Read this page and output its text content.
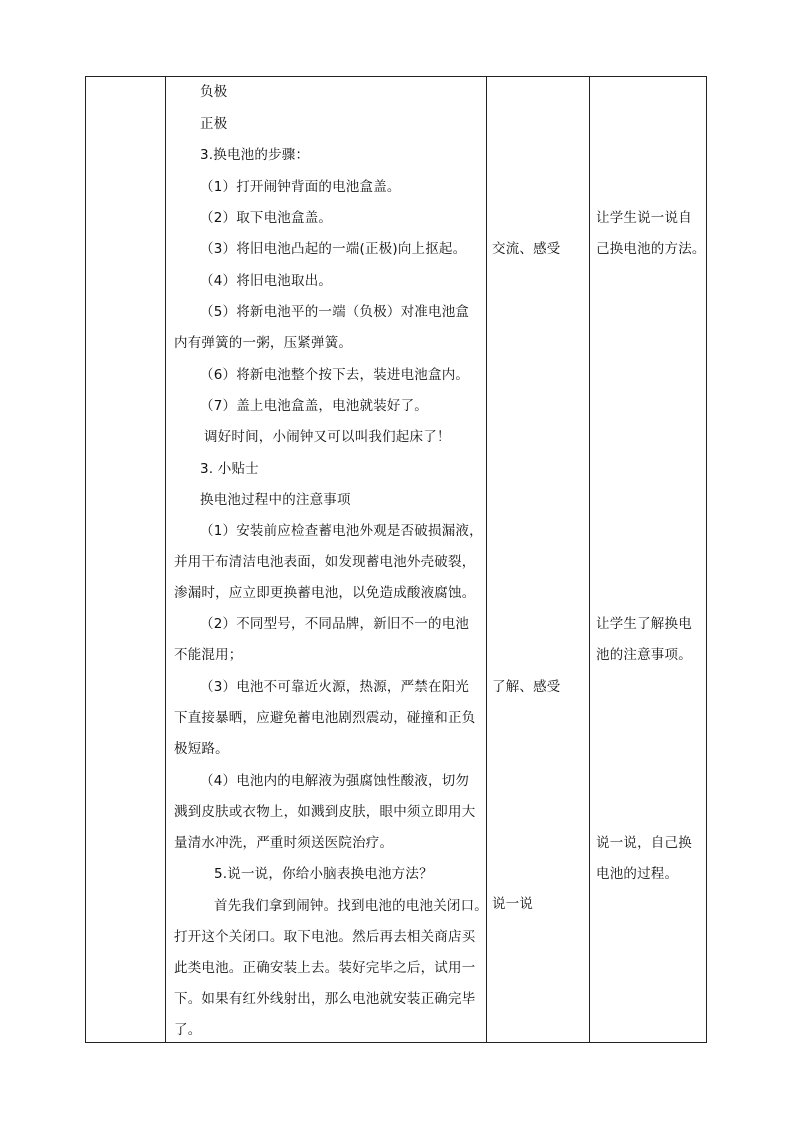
负极
正极
3.换电池的步骤：
（1）打开闹钟背面的电池盒盖。
（2）取下电池盒盖。
（3）将旧电池凸起的一端(正极)向上抠起。
（4）将旧电池取出。
（5）将新电池平的一端（负极）对准电池盒
内有弹簧的一粥，压紧弹簧。
（6）将新电池整个按下去，装进电池盒内。
（7）盖上电池盒盖，电池就装好了。
调好时间，小闹钟又可以叫我们起床了！
3. 小贴士
换电池过程中的注意事项
（1）安装前应检查蓄电池外观是否破损漏液，
并用干布清洁电池表面，如发现蓄电池外壳破裂，
渗漏时，应立即更换蓄电池，以免造成酸液腐蚀。
（2）不同型号，不同品牌，新旧不一的电池
不能混用；
（3）电池不可靠近火源，热源，严禁在阳光
下直接暴晒，应避免蓄电池剧烈震动，碰撞和正负
极短路。
（4）电池内的电解液为强腐蚀性酸液，切勿
溅到皮肤或衣物上，如溅到皮肤，眼中须立即用大
量清水冲洗，严重时须送医院治疗。
5.说一说，你给小脑表换电池方法？
首先我们拿到闹钟。找到电池的电池关闭口。
打开这个关闭口。取下电池。然后再去相关商店买
此类电池。正确安装上去。装好完毕之后，试用一
下。如果有红外线射出，那么电池就安装正确完毕
了。
交流、感受
了解、感受
说一说
让学生说一说自
己换电池的方法。
让学生了解换电
池的注意事项。
说一说，自己换
电池的过程。
